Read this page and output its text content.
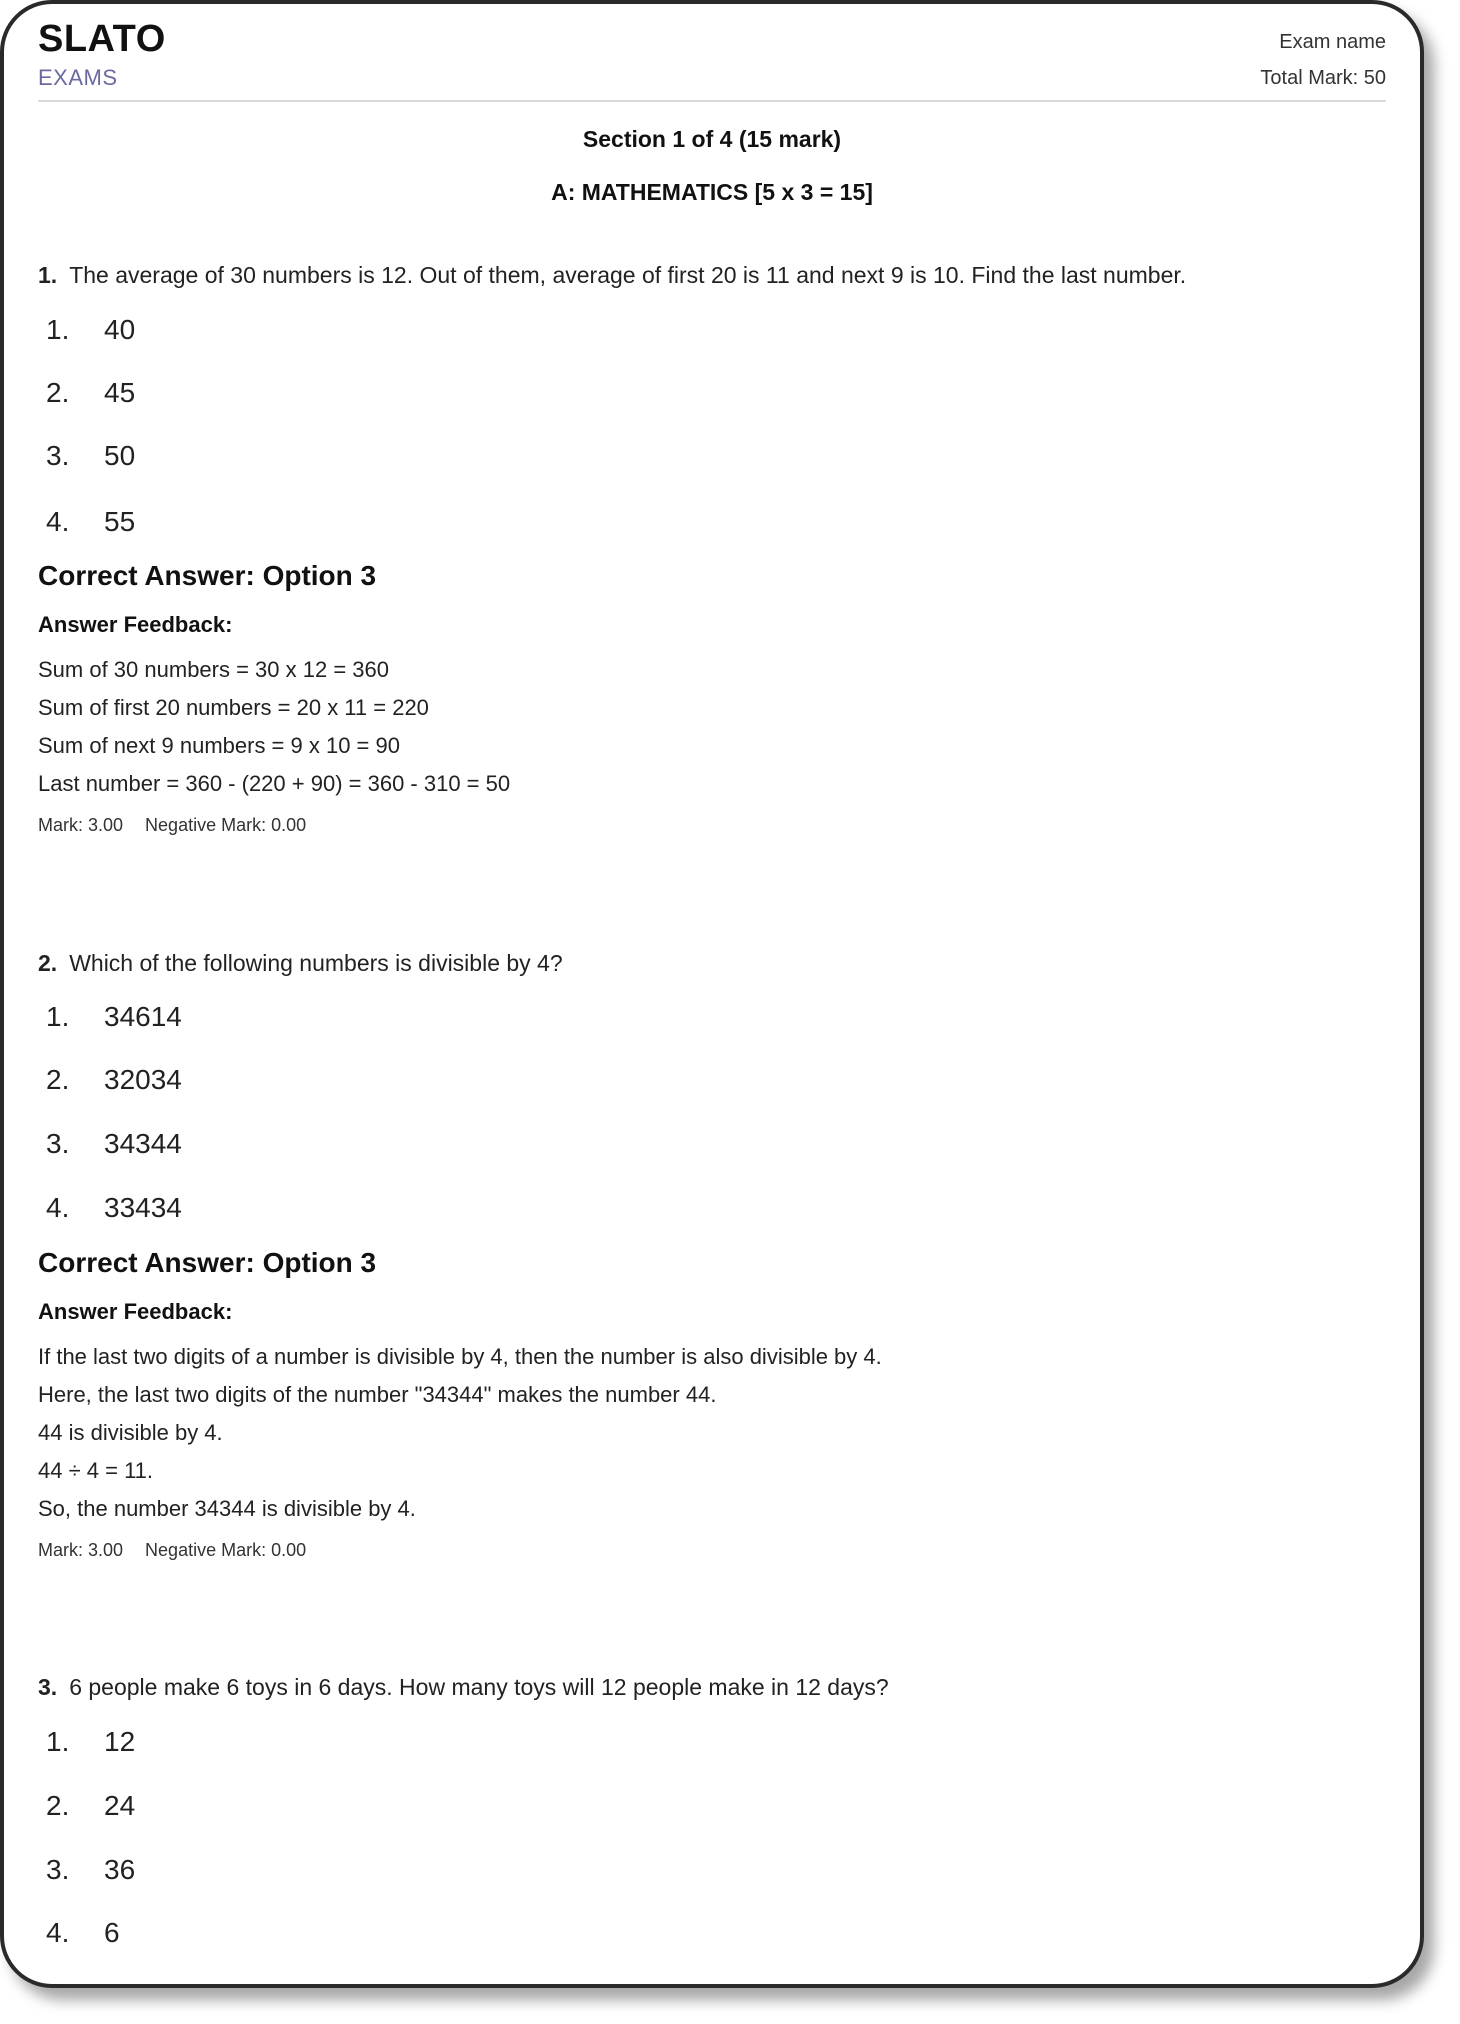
SLATO
EXAMS
Exam name
Total Mark: 50
Section 1 of 4 (15 mark)
A: MATHEMATICS [5 x 3 = 15]
1. The average of 30 numbers is 12. Out of them, average of first 20 is 11 and next 9 is 10. Find the last number.
1. 40
2. 45
3. 50
4. 55
Correct Answer: Option 3
Answer Feedback:
Sum of 30 numbers = 30 x 12 = 360
Sum of first 20 numbers = 20 x 11 = 220
Sum of next 9 numbers = 9 x 10 = 90
Last number = 360 - (220 + 90) = 360 - 310 = 50
Mark: 3.00 Negative Mark: 0.00
2. Which of the following numbers is divisible by 4?
1. 34614
2. 32034
3. 34344
4. 33434
Correct Answer: Option 3
Answer Feedback:
If the last two digits of a number is divisible by 4, then the number is also divisible by 4.
Here, the last two digits of the number "34344" makes the number 44.
44 is divisible by 4.
44 ÷ 4 = 11.
So, the number 34344 is divisible by 4.
Mark: 3.00 Negative Mark: 0.00
3. 6 people make 6 toys in 6 days. How many toys will 12 people make in 12 days?
1. 12
2. 24
3. 36
4. 6
